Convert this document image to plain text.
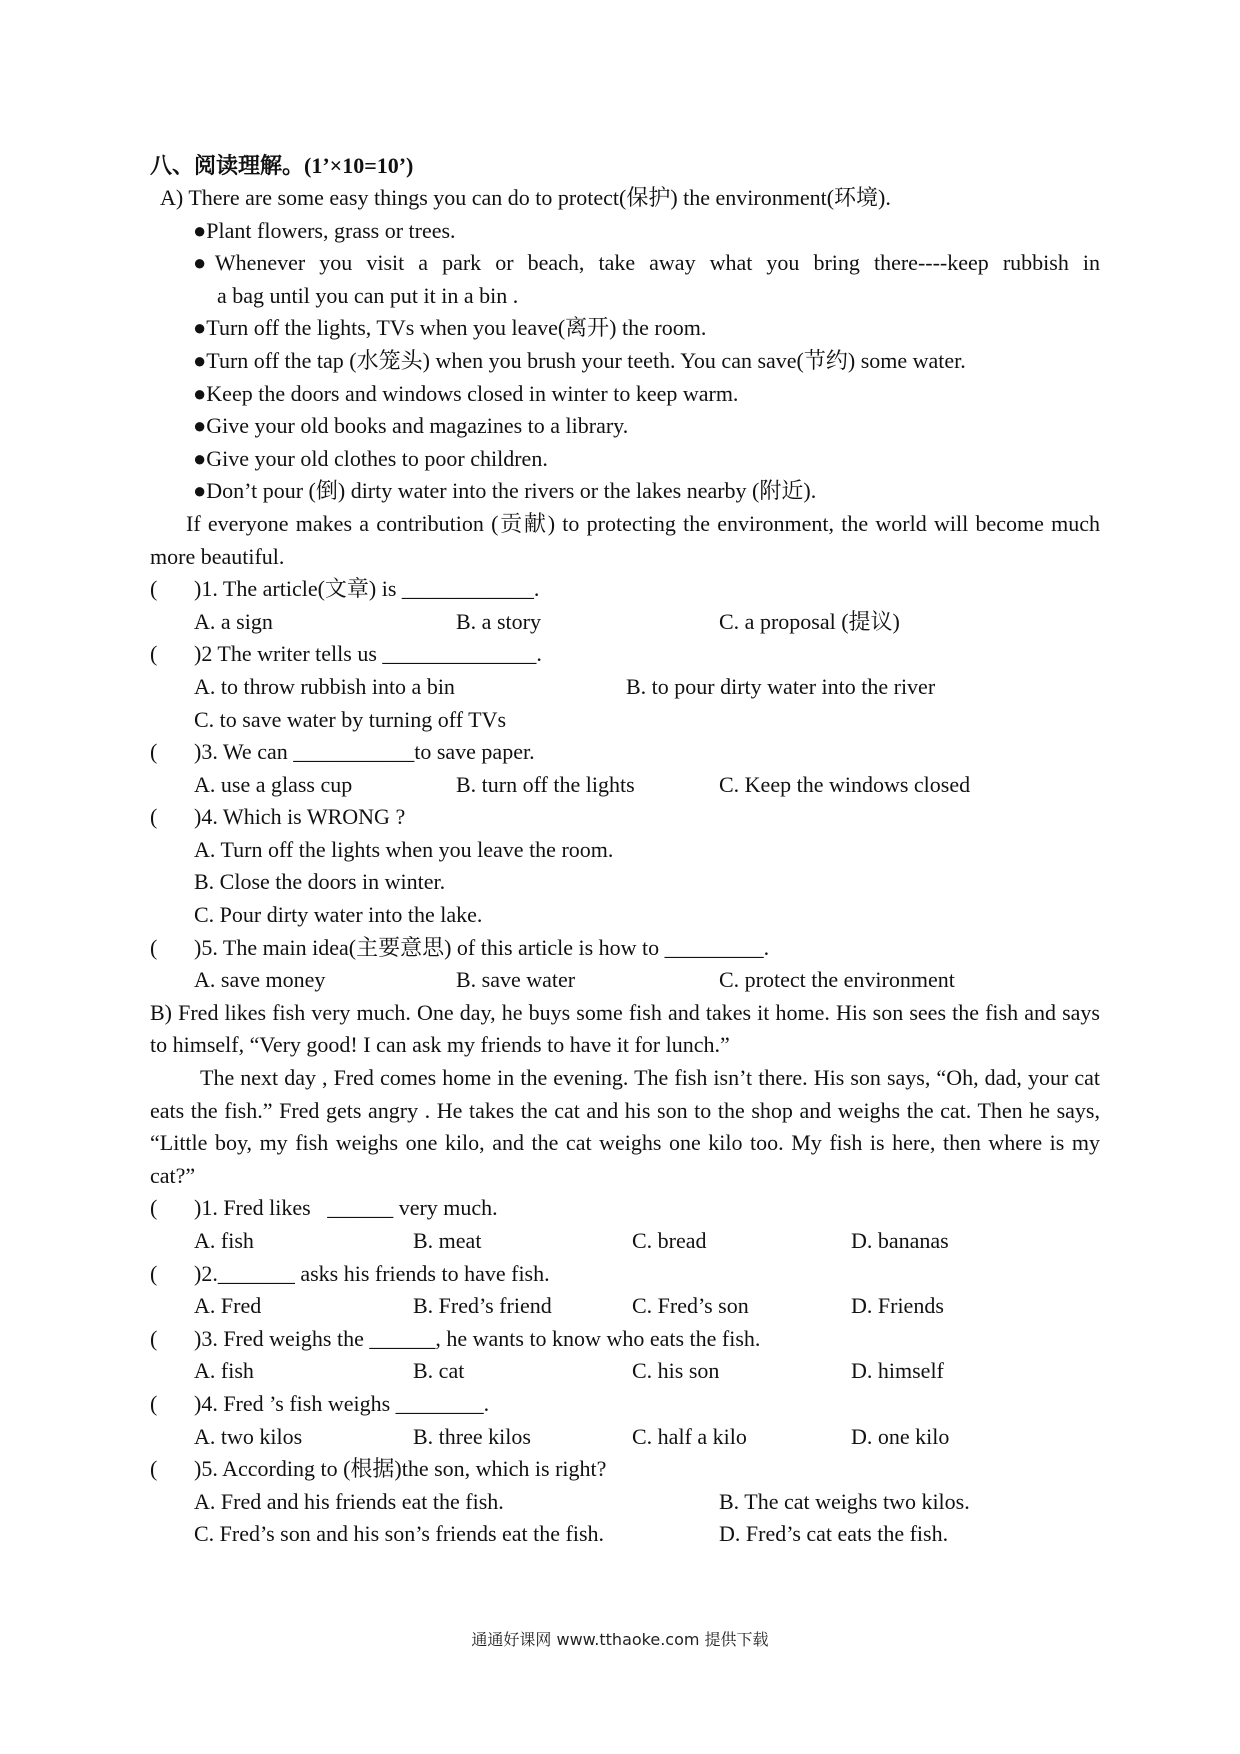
八、阅读理解。(1’×10=10’)
A) There are some easy things you can do to protect(保护) the environment(环境).
●Plant flowers, grass or trees.
●Whenever you visit a park or beach, take away what you bring there----keep rubbish in
a bag until you can put it in a bin .
●Turn off the lights, TVs when you leave(离开) the room.
●Turn off the tap (水笼头) when you brush your teeth. You can save(节约) some water.
●Keep the doors and windows closed in winter to keep warm.
●Give your old books and magazines to a library.
●Give your old clothes to poor children.
●Don’t pour (倒) dirty water into the rivers or the lakes nearby (附近).
If everyone makes a contribution (贡献) to protecting the environment, the world will become much more beautiful.
(	)1. The article(文章) is ____________.
A. a sign	B. a story	C. a proposal (提议)
(	)2 The writer tells us ______________.
A. to throw rubbish into a bin	B. to pour dirty water into the river
C. to save water by turning off TVs
(	)3. We can ___________to save paper.
A. use a glass cup	B. turn off the lights	C. Keep the windows closed
(	)4. Which is WRONG ?
A. Turn off the lights when you leave the room.
B. Close the doors in winter.
C. Pour dirty water into the lake.
(	)5. The main idea(主要意思) of this article is how to _________.
A. save money	B. save water	C. protect the environment
B) Fred likes fish very much. One day, he buys some fish and takes it home. His son sees the fish and says to himself, “Very good! I can ask my friends to have it for lunch.”
The next day , Fred comes home in the evening. The fish isn’t there. His son says, “Oh, dad, your cat eats the fish.” Fred gets angry . He takes the cat and his son to the shop and weighs the cat. Then he says, “Little boy, my fish weighs one kilo, and the cat weighs one kilo too. My fish is here, then where is my cat?”
(	)1. Fred likes   ______ very much.
A. fish	B. meat	C. bread	D. bananas
(	)2._______ asks his friends to have fish.
A. Fred	B. Fred’s friend	C. Fred’s son	D. Friends
(	)3. Fred weighs the ______, he wants to know who eats the fish.
A. fish	B. cat	C. his son	D. himself
(	)4. Fred ’s fish weighs ________.
A. two kilos	B. three kilos	C. half a kilo	D. one kilo
(	)5. According to (根据)the son, which is right?
A. Fred and his friends eat the fish.	B. The cat weighs two kilos.
C. Fred’s son and his son’s friends eat the fish.	D. Fred’s cat eats the fish.
通通好课网 www.tthaoke.com 提供下载
